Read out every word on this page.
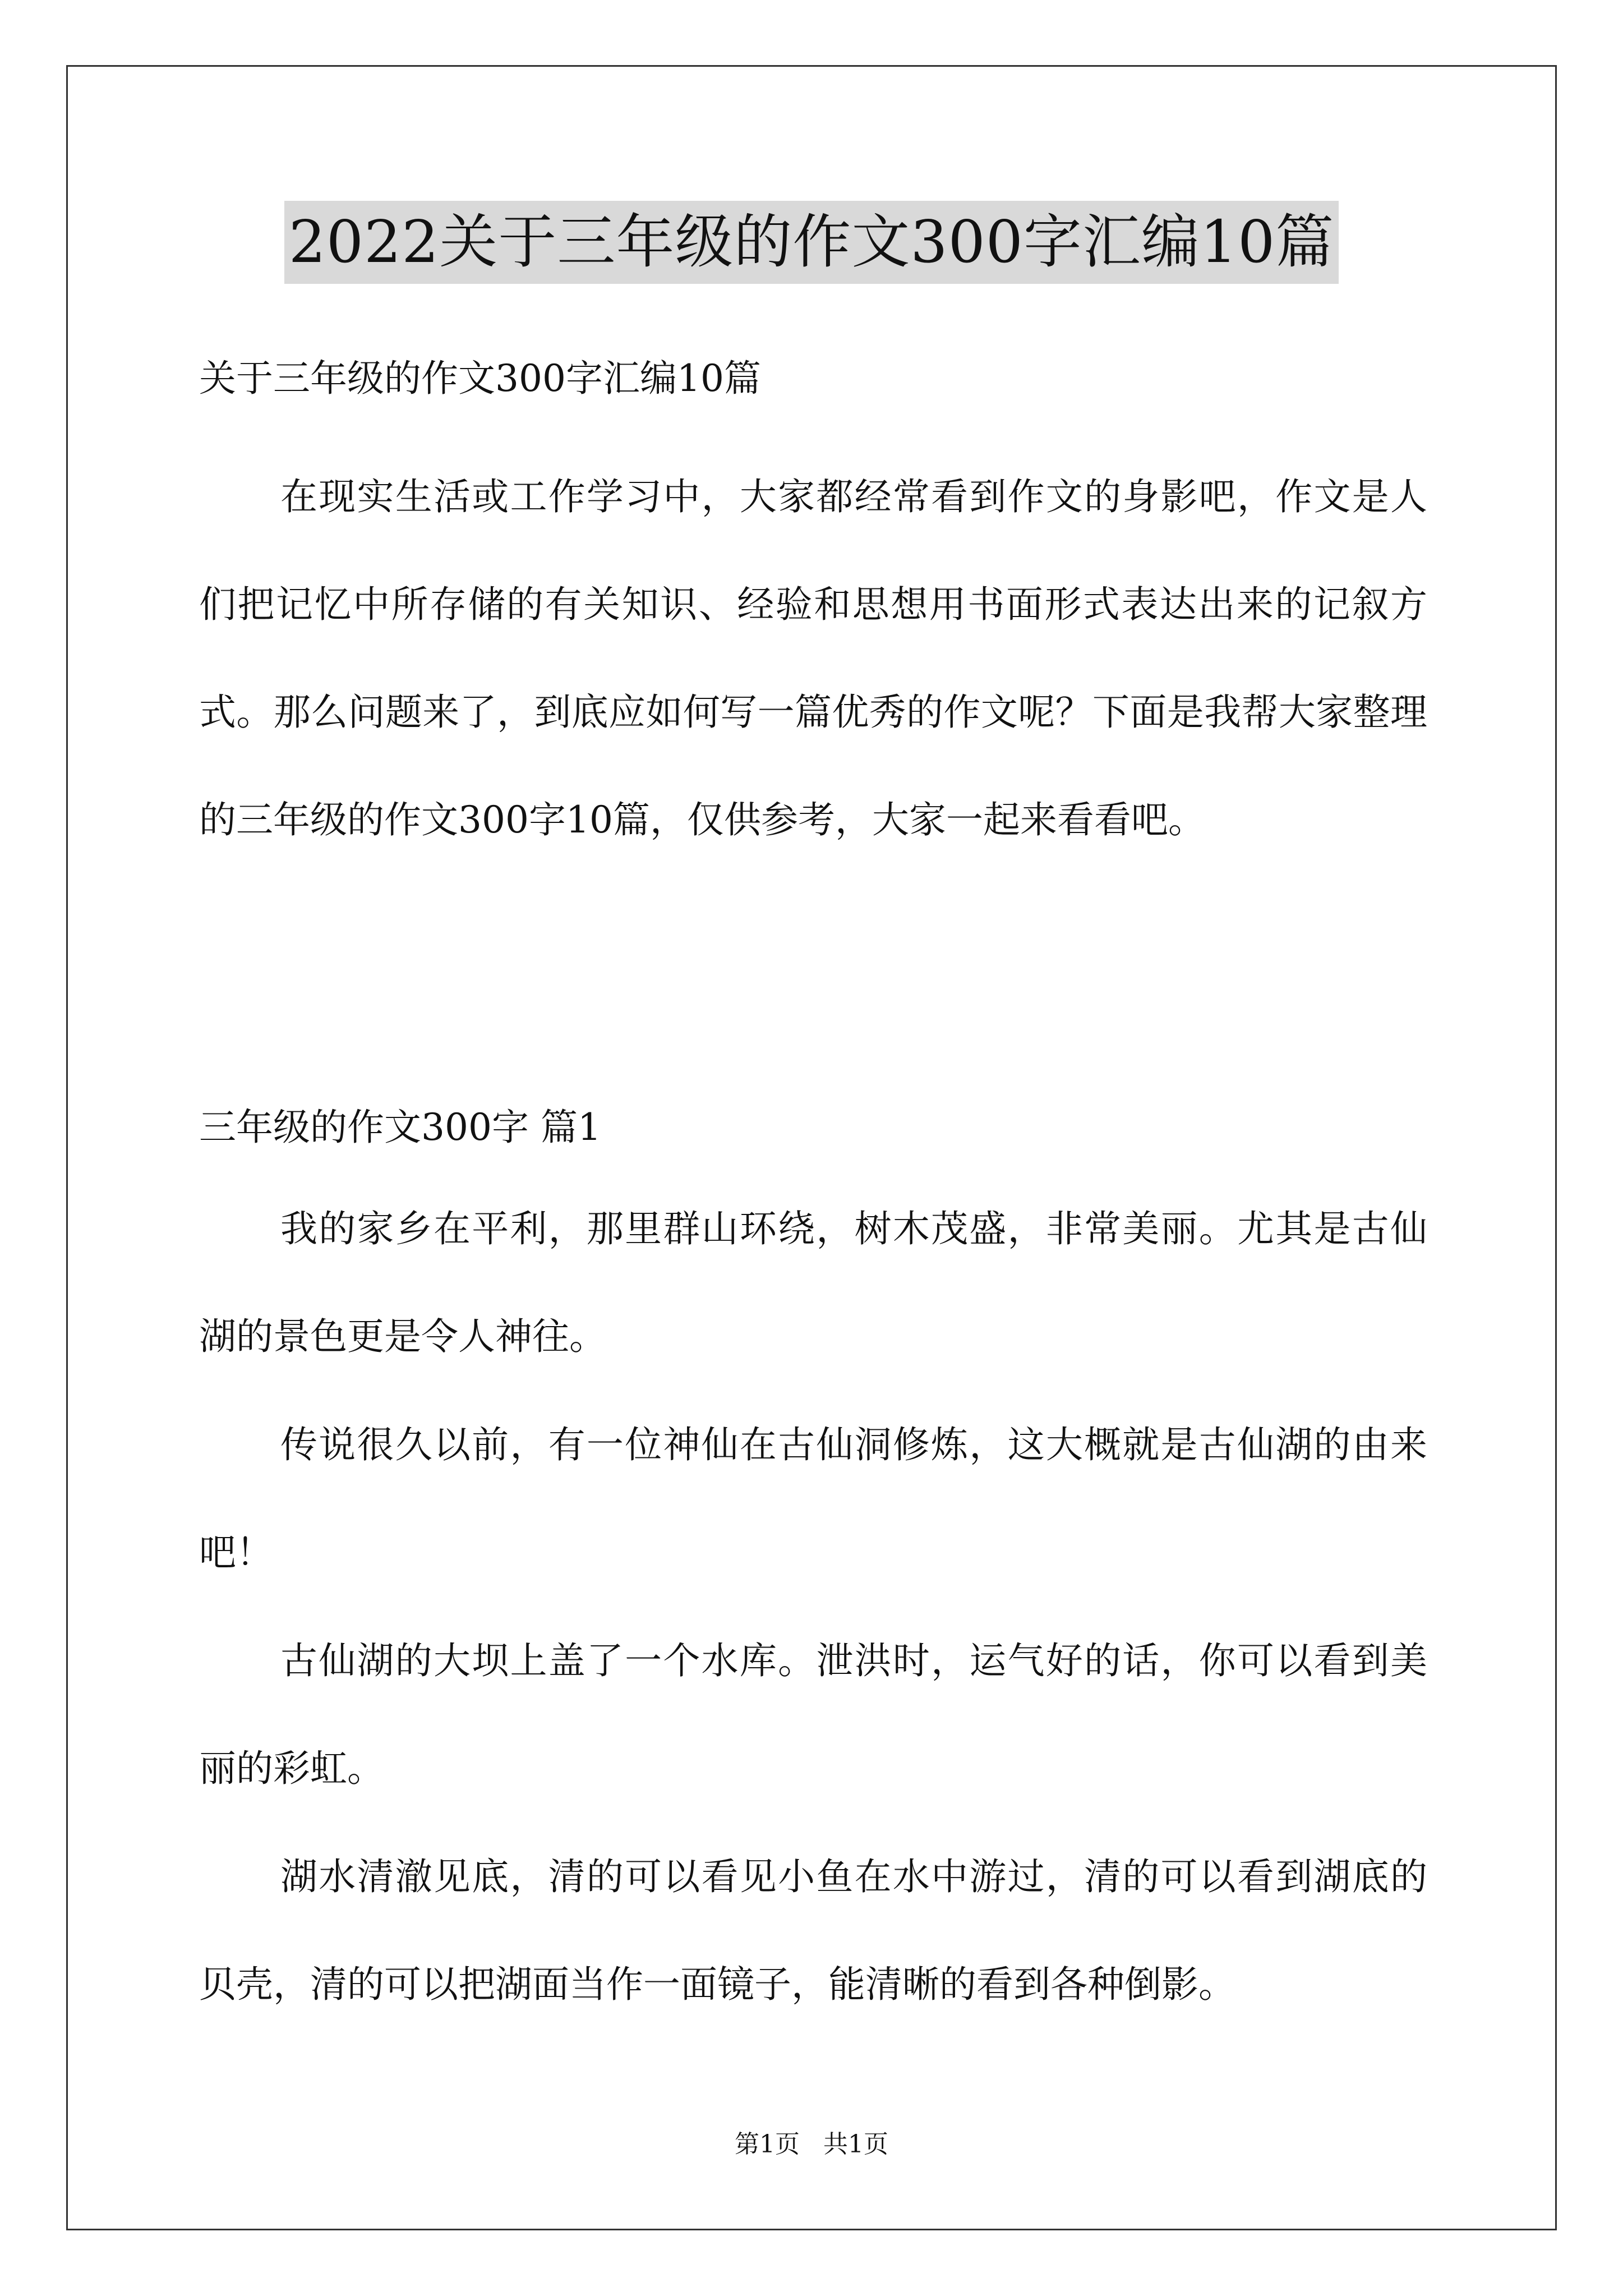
2022关于三年级的作文300字汇编10篇
关于三年级的作文300字汇编10篇

在现实生活或工作学习中，大家都经常看到作文的身影吧，作文是人们把记忆中所存储的有关知识、经验和思想用书面形式表达出来的记叙方式。那么问题来了，到底应如何写一篇优秀的作文呢？下面是我帮大家整理的三年级的作文300字10篇，仅供参考，大家一起来看看吧。

三年级的作文300字 篇1

我的家乡在平利，那里群山环绕，树木茂盛，非常美丽。尤其是古仙湖的景色更是令人神往。

传说很久以前，有一位神仙在古仙洞修炼，这大概就是古仙湖的由来吧！

古仙湖的大坝上盖了一个水库。泄洪时，运气好的话，你可以看到美丽的彩虹。

湖水清澈见底，清的可以看见小鱼在水中游过，清的可以看到湖底的贝壳，清的可以把湖面当作一面镜子，能清晰的看到各种倒影。

第1页   共1页
